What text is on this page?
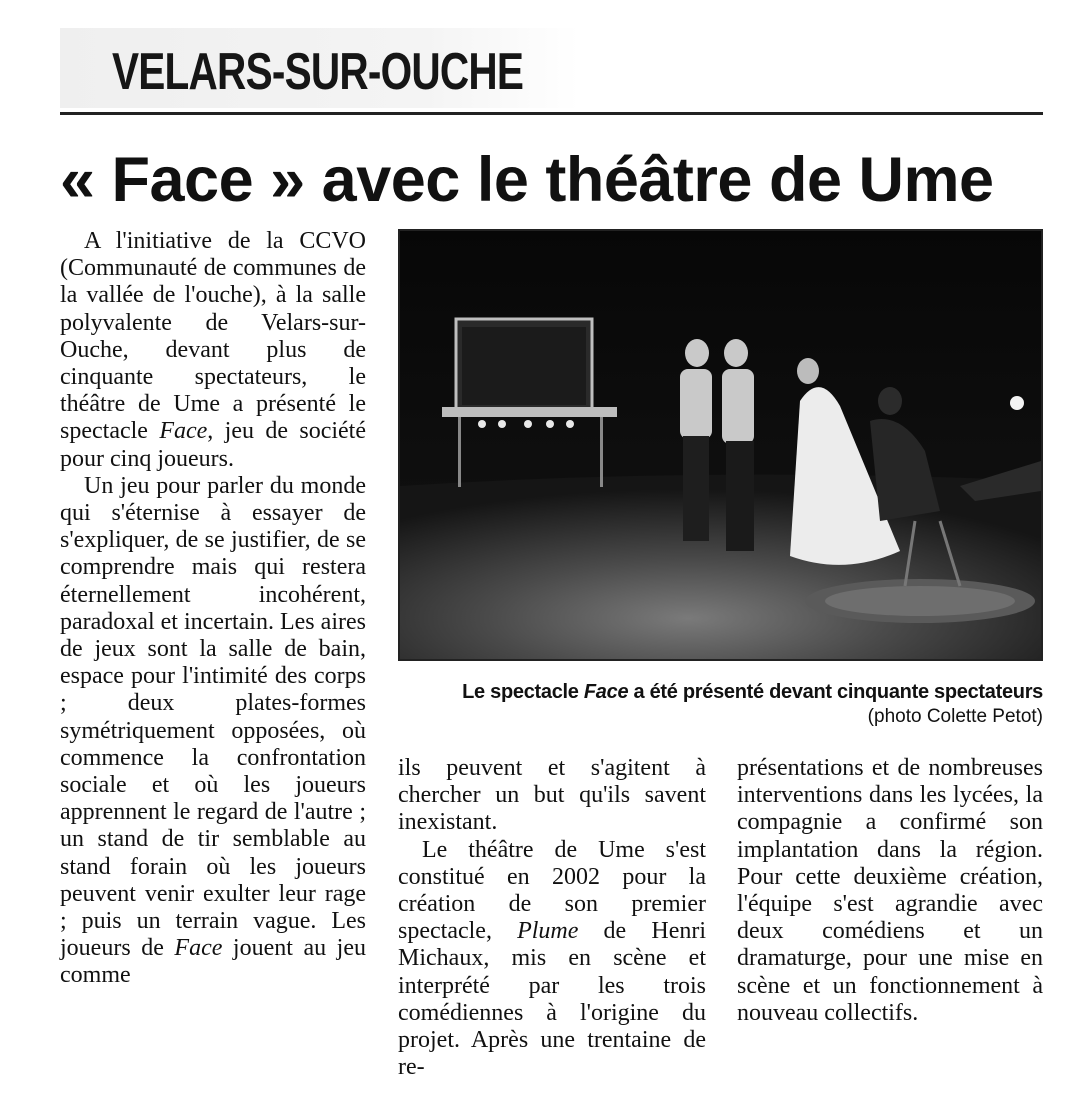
VELARS-SUR-OUCHE
« Face » avec le théâtre de Ume

A l'initiative de la CCVO (Communauté de communes de la vallée de l'ouche), à la salle polyvalente de Velars-sur-Ouche, devant plus de cinquante spectateurs, le théâtre de Ume a présenté le spectacle Face, jeu de société pour cinq joueurs.

Un jeu pour parler du monde qui s'éternise à essayer de s'expliquer, de se justifier, de se comprendre mais qui restera éternellement incohérent, paradoxal et incertain. Les aires de jeux sont la salle de bain, espace pour l'intimité des corps ; deux plates-formes symétriquement opposées, où commence la confrontation sociale et où les joueurs apprennent le regard de l'autre ; un stand de tir semblable au stand forain où les joueurs peuvent venir exulter leur rage ; puis un terrain vague. Les joueurs de Face jouent au jeu comme

Le spectacle Face a été présenté devant cinquante spectateurs
(photo Colette Petot)

ils peuvent et s'agitent à chercher un but qu'ils savent inexistant.

Le théâtre de Ume s'est constitué en 2002 pour la création de son premier spectacle, Plume de Henri Michaux, mis en scène et interprété par les trois comédiennes à l'origine du projet. Après une trentaine de re-

présentations et de nombreuses interventions dans les lycées, la compagnie a confirmé son implantation dans la région. Pour cette deuxième création, l'équipe s'est agrandie avec deux comédiens et un dramaturge, pour une mise en scène et un fonctionnement à nouveau collectifs.
